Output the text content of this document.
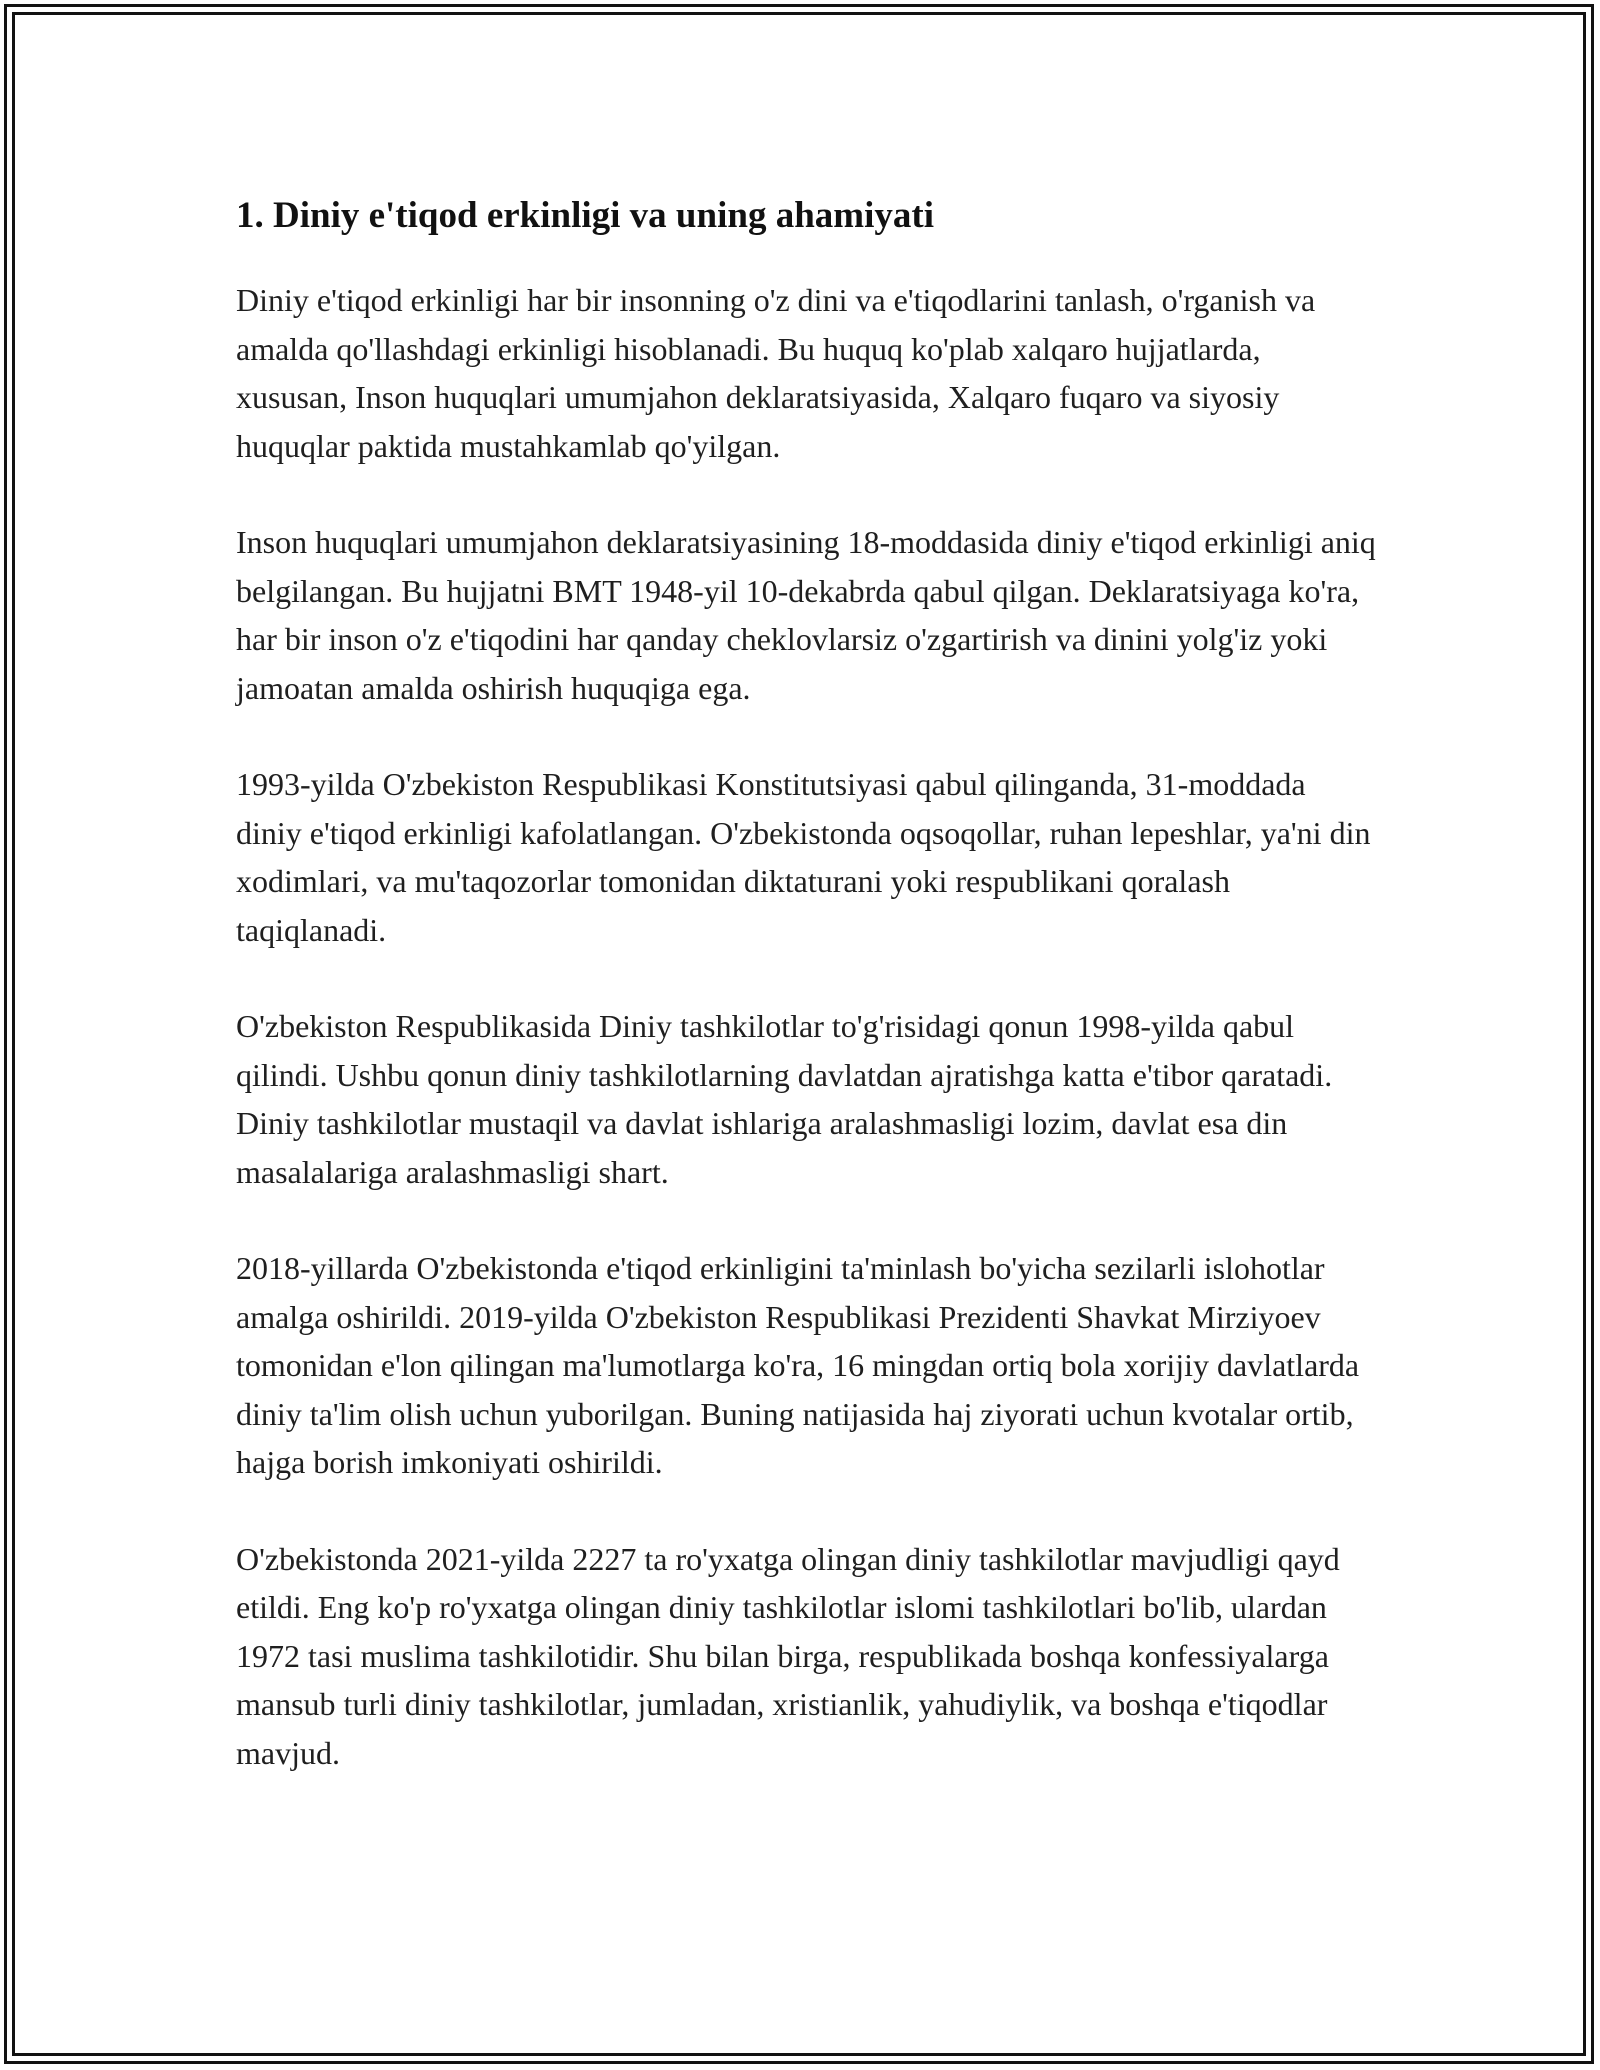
1. Diniy e'tiqod erkinligi va uning ahamiyati

Diniy e'tiqod erkinligi har bir insonning o'z dini va e'tiqodlarini tanlash, o'rganish va amalda qo'llashdagi erkinligi hisoblanadi. Bu huquq ko'plab xalqaro hujjatlarda, xususan, Inson huquqlari umumjahon deklaratsiyasida, Xalqaro fuqaro va siyosiy huquqlar paktida mustahkamlab qo'yilgan.

Inson huquqlari umumjahon deklaratsiyasining 18-moddasida diniy e'tiqod erkinligi aniq belgilangan. Bu hujjatni BMT 1948-yil 10-dekabrda qabul qilgan. Deklaratsiyaga ko'ra, har bir inson o'z e'tiqodini har qanday cheklovlarsiz o'zgartirish va dinini yolg'iz yoki jamoatan amalda oshirish huquqiga ega.

1993-yilda O'zbekiston Respublikasi Konstitutsiyasi qabul qilinganda, 31-moddada diniy e'tiqod erkinligi kafolatlangan. O'zbekistonda oqsoqollar, ruhan lepeshlar, ya'ni din xodimlari, va mu'taqozorlar tomonidan diktaturani yoki respublikani qoralash taqiqlanadi.

O'zbekiston Respublikasida Diniy tashkilotlar to'g'risidagi qonun 1998-yilda qabul qilindi. Ushbu qonun diniy tashkilotlarning davlatdan ajratishga katta e'tibor qaratadi. Diniy tashkilotlar mustaqil va davlat ishlariga aralashmasligi lozim, davlat esa din masalalariga aralashmasligi shart.

2018-yillarda O'zbekistonda e'tiqod erkinligini ta'minlash bo'yicha sezilarli islohotlar amalga oshirildi. 2019-yilda O'zbekiston Respublikasi Prezidenti Shavkat Mirziyoev tomonidan e'lon qilingan ma'lumotlarga ko'ra, 16 mingdan ortiq bola xorijiy davlatlarda diniy ta'lim olish uchun yuborilgan. Buning natijasida haj ziyorati uchun kvotalar ortib, hajga borish imkoniyati oshirildi.

O'zbekistonda 2021-yilda 2227 ta ro'yxatga olingan diniy tashkilotlar mavjudligi qayd etildi. Eng ko'p ro'yxatga olingan diniy tashkilotlar islomi tashkilotlari bo'lib, ulardan 1972 tasi muslima tashkilotidir. Shu bilan birga, respublikada boshqa konfessiyalarga mansub turli diniy tashkilotlar, jumladan, xristianlik, yahudiylik, va boshqa e'tiqodlar mavjud.
